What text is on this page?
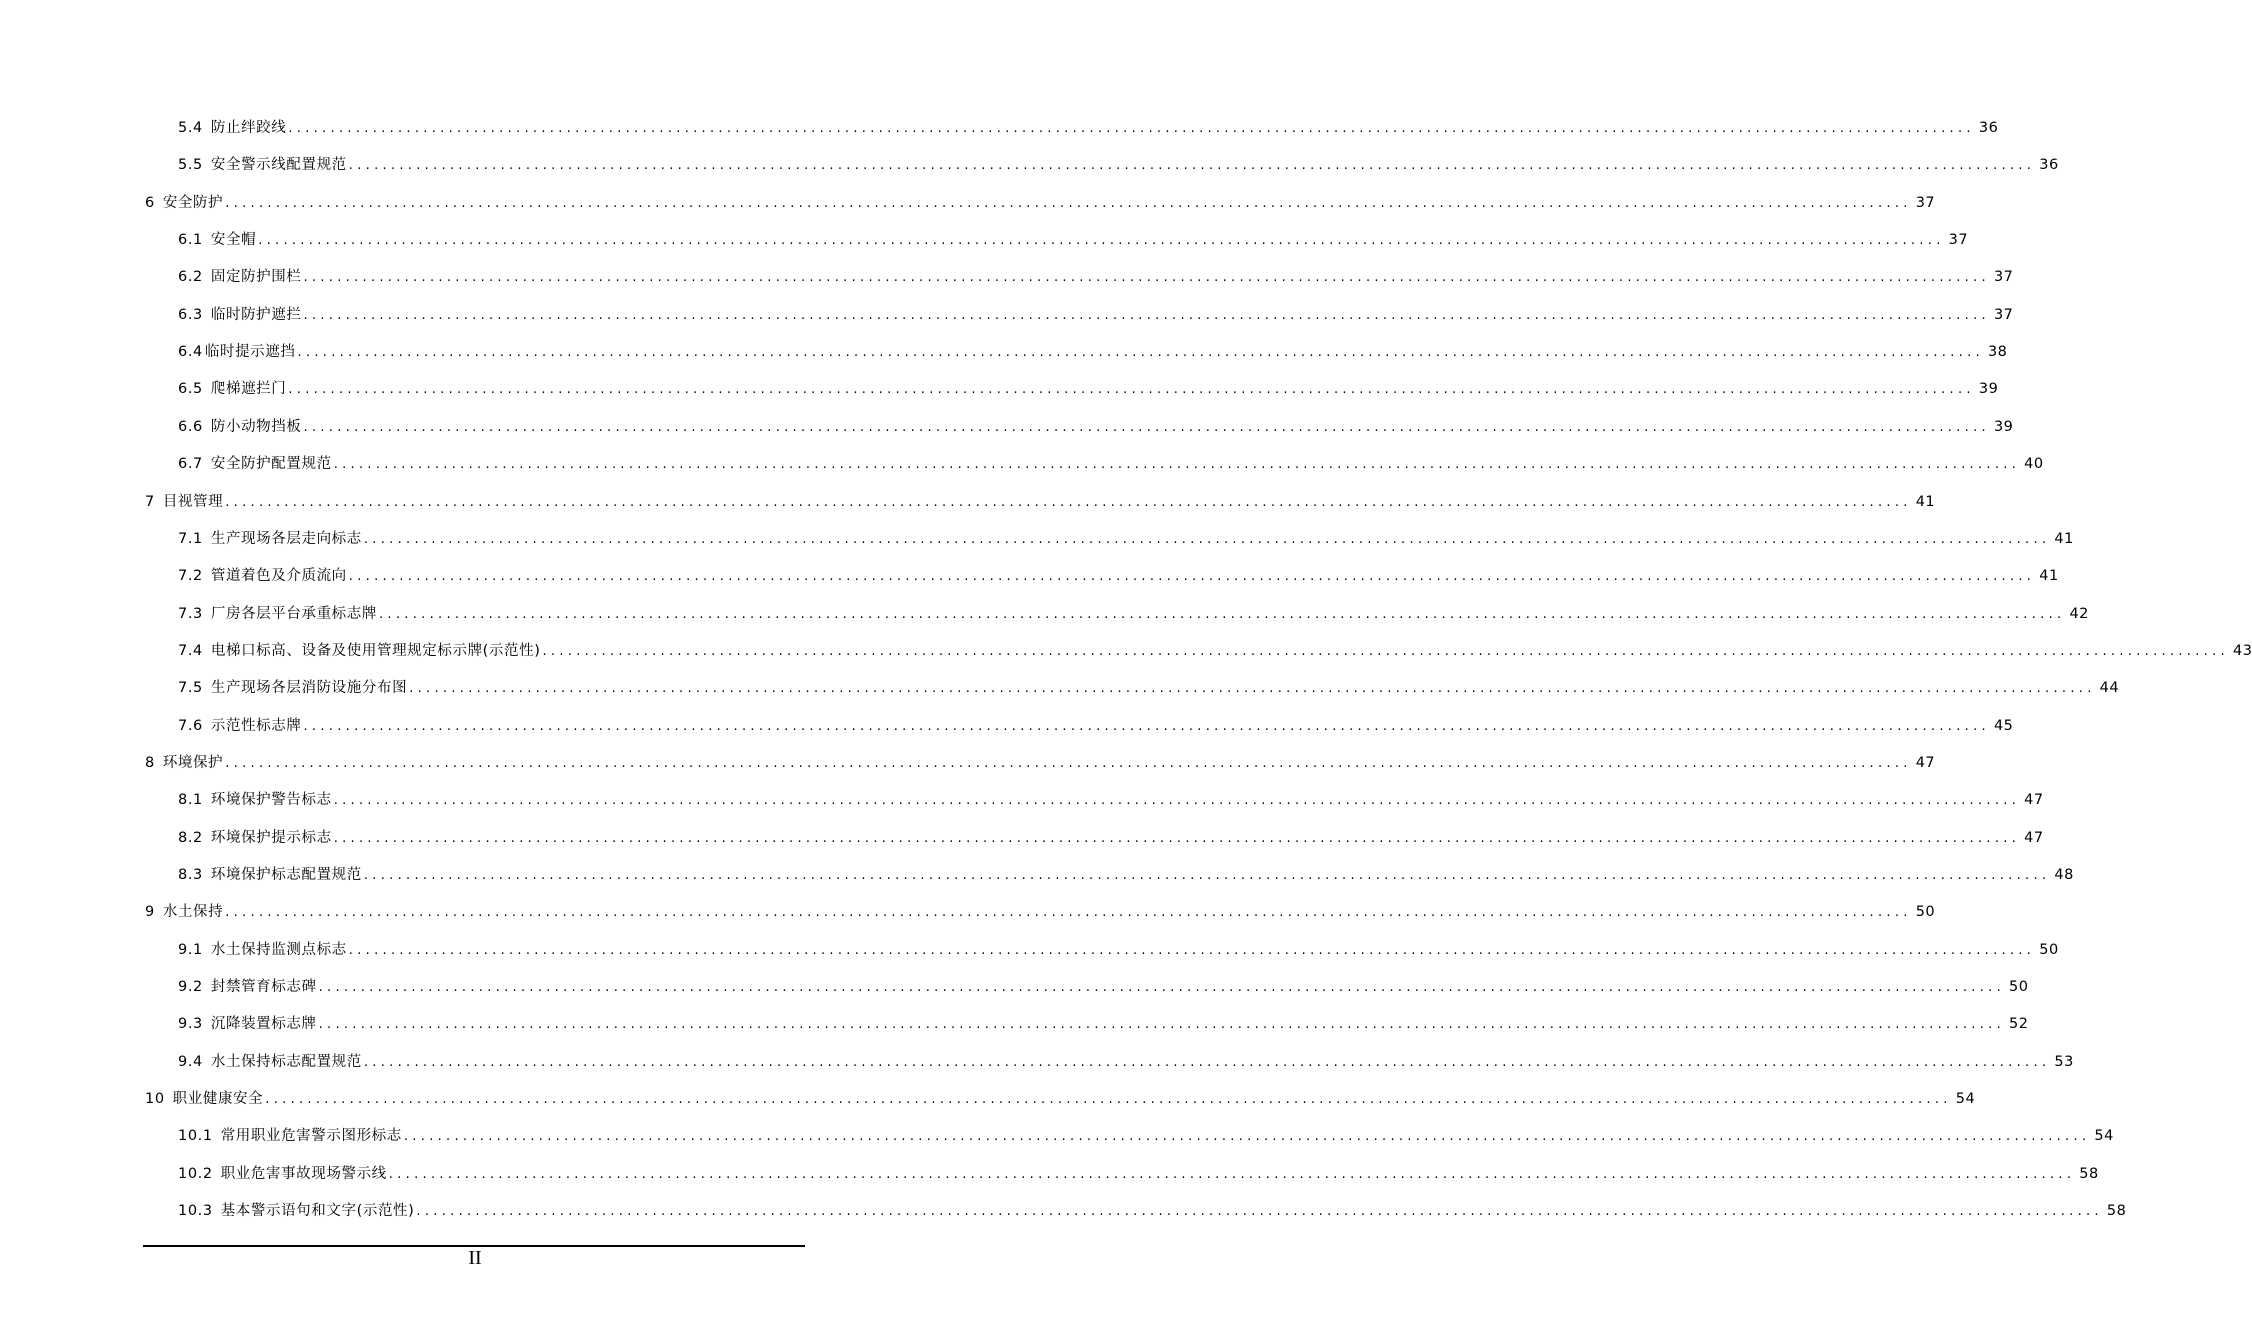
5.4 防止绊跤线 ........................................................................................................................................................................................................ 36
5.5 安全警示线配置规范 ........................................................................................................................................................................................................ 36
6 安全防护 ........................................................................................................................................................................................................ 37
6.1 安全帽 ........................................................................................................................................................................................................ 37
6.2 固定防护围栏 ........................................................................................................................................................................................................ 37
6.3 临时防护遮拦 ........................................................................................................................................................................................................ 37
6.4 临时提示遮挡 ........................................................................................................................................................................................................ 38
6.5 爬梯遮拦门 ........................................................................................................................................................................................................ 39
6.6 防小动物挡板 ........................................................................................................................................................................................................ 39
6.7 安全防护配置规范 ........................................................................................................................................................................................................ 40
7 目视管理 ........................................................................................................................................................................................................ 41
7.1 生产现场各层走向标志 ........................................................................................................................................................................................................ 41
7.2 管道着色及介质流向 ........................................................................................................................................................................................................ 41
7.3 厂房各层平台承重标志牌 ........................................................................................................................................................................................................ 42
7.4 电梯口标高、设备及使用管理规定标示牌(示范性) ........................................................................................................................................................................................................ 43
7.5 生产现场各层消防设施分布图 ........................................................................................................................................................................................................ 44
7.6 示范性标志牌 ........................................................................................................................................................................................................ 45
8 环境保护 ........................................................................................................................................................................................................ 47
8.1 环境保护警告标志 ........................................................................................................................................................................................................ 47
8.2 环境保护提示标志 ........................................................................................................................................................................................................ 47
8.3 环境保护标志配置规范 ........................................................................................................................................................................................................ 48
9 水土保持 ........................................................................................................................................................................................................ 50
9.1 水土保持监测点标志 ........................................................................................................................................................................................................ 50
9.2 封禁管育标志碑 ........................................................................................................................................................................................................ 50
9.3 沉降装置标志牌 ........................................................................................................................................................................................................ 52
9.4 水土保持标志配置规范 ........................................................................................................................................................................................................ 53
10 职业健康安全 ........................................................................................................................................................................................................ 54
10.1 常用职业危害警示图形标志 ........................................................................................................................................................................................................ 54
10.2 职业危害事故现场警示线 ........................................................................................................................................................................................................ 58
10.3 基本警示语句和文字(示范性) ........................................................................................................................................................................................................ 58
II
